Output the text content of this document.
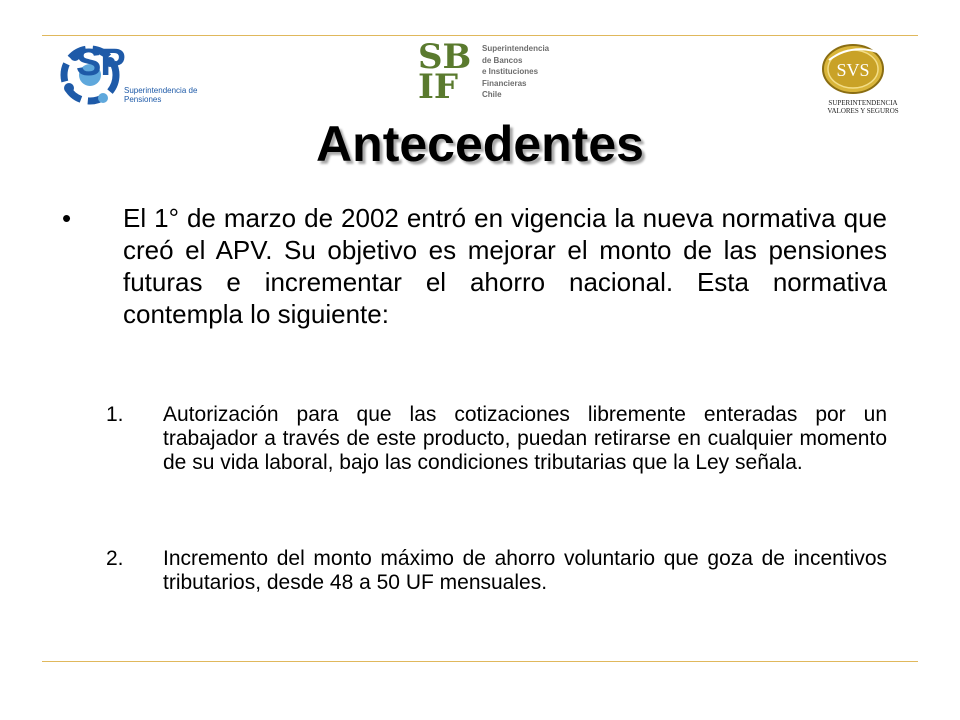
SP
Superintendencia de
Pensiones
SB
IF
Superintendencia
de Bancos
e Instituciones
Financieras
Chile
SVS
SUPERINTENDENCIA
VALORES Y SEGUROS
Antecedentes
• El 1° de marzo de 2002 entró en vigencia la nueva normativa que creó el APV. Su objetivo es mejorar el monto de las pensiones futuras e incrementar el ahorro nacional. Esta normativa contempla lo siguiente:
1. Autorización para que las cotizaciones libremente enteradas por un trabajador a través de este producto, puedan retirarse en cualquier momento de su vida laboral, bajo las condiciones tributarias que la Ley señala.
2. Incremento del monto máximo de ahorro voluntario que goza de incentivos tributarios, desde 48 a 50 UF mensuales.
